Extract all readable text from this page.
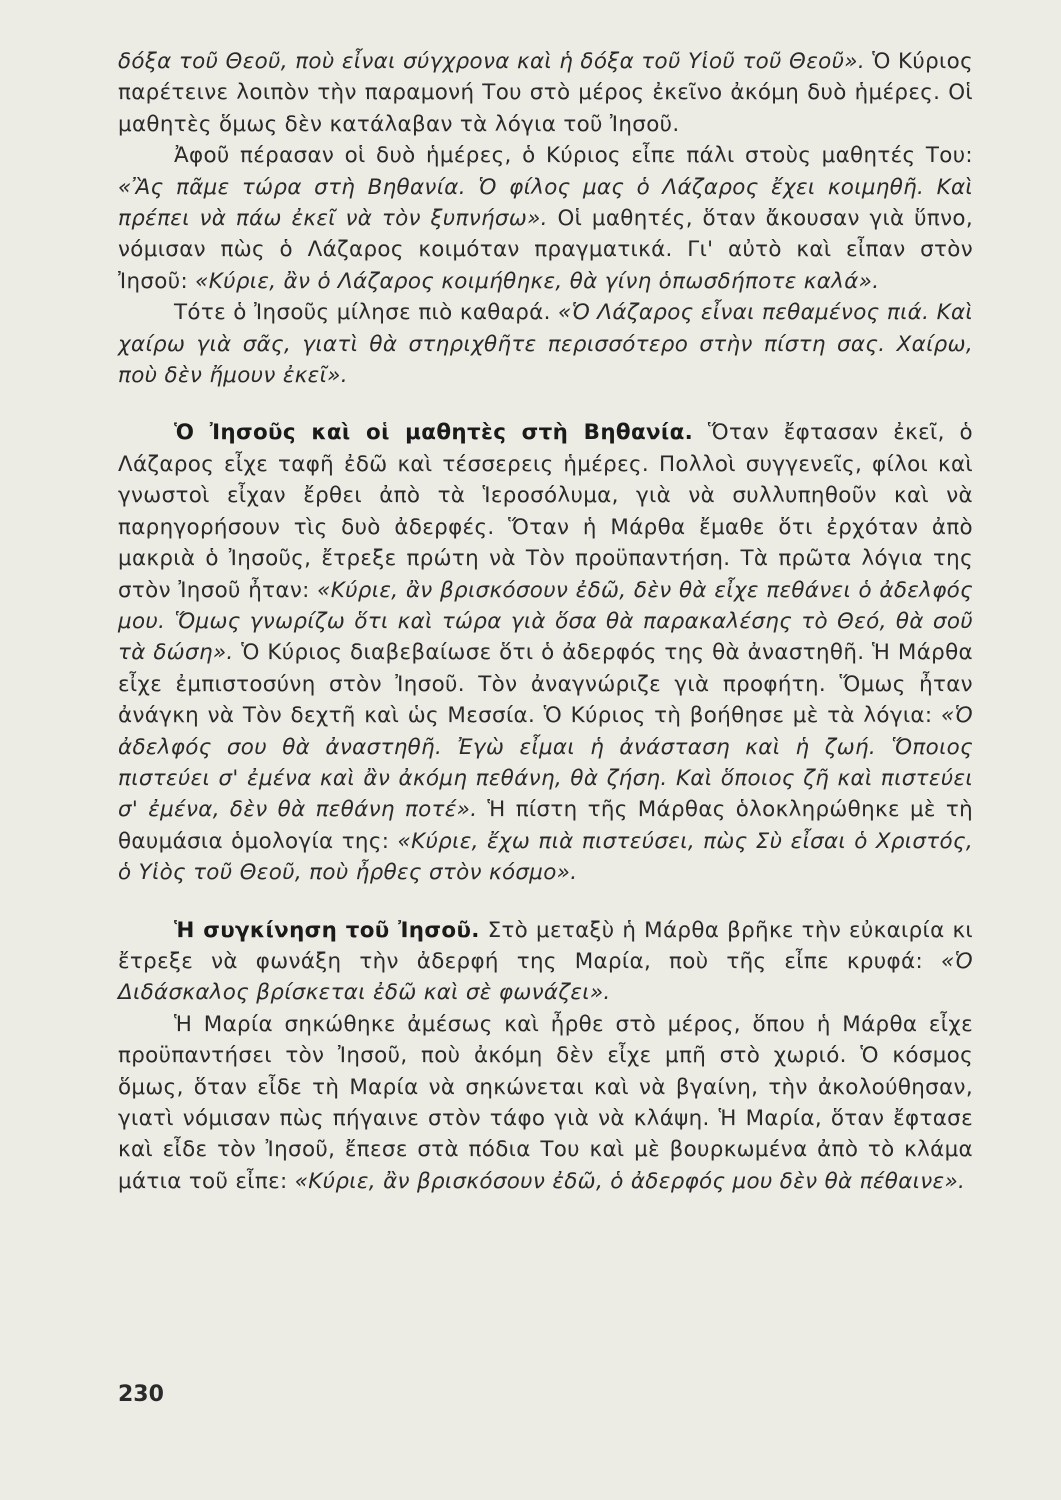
δόξα τοῦ Θεοῦ, ποὺ εἶναι σύγχρονα καὶ ἡ δόξα τοῦ Υἱοῦ τοῦ Θεοῦ». Ὁ Κύριος παρέτεινε λοιπὸν τὴν παραμονή Του στὸ μέρος ἐκεῖνο ἀκόμη δυὸ ἡμέρες. Οἱ μαθητὲς ὅμως δὲν κατάλαβαν τὰ λόγια τοῦ Ἰησοῦ.

Ἀφοῦ πέρασαν οἱ δυὸ ἡμέρες, ὁ Κύριος εἶπε πάλι στοὺς μαθητές Του: «Ἂς πᾶμε τώρα στὴ Βηθανία. Ὁ φίλος μας ὁ Λάζαρος ἔχει κοιμηθῆ. Καὶ πρέπει νὰ πάω ἐκεῖ νὰ τὸν ξυπνήσω». Οἱ μαθητές, ὅταν ἄκουσαν γιὰ ὕπνο, νόμισαν πὼς ὁ Λάζαρος κοιμόταν πραγματικά. Γι' αὐτὸ καὶ εἶπαν στὸν Ἰησοῦ: «Κύριε, ἂν ὁ Λάζαρος κοιμήθηκε, θὰ γίνη ὁπωσδήποτε καλά».

Τότε ὁ Ἰησοῦς μίλησε πιὸ καθαρά. «Ὁ Λάζαρος εἶναι πεθαμένος πιά. Καὶ χαίρω γιὰ σᾶς, γιατὶ θὰ στηριχθῆτε περισσότερο στὴν πίστη σας. Χαίρω, ποὺ δὲν ἤμουν ἐκεῖ».

Ὁ Ἰησοῦς καὶ οἱ μαθητὲς στὴ Βηθανία. Ὅταν ἔφτασαν ἐκεῖ, ὁ Λάζαρος εἶχε ταφῆ ἐδῶ καὶ τέσσερεις ἡμέρες. Πολλοὶ συγγενεῖς, φίλοι καὶ γνωστοὶ εἶχαν ἔρθει ἀπὸ τὰ Ἱεροσόλυμα, γιὰ νὰ συλλυπηθοῦν καὶ νὰ παρηγορήσουν τὶς δυὸ ἀδερφές. Ὅταν ἡ Μάρθα ἔμαθε ὅτι ἐρχόταν ἀπὸ μακριὰ ὁ Ἰησοῦς, ἔτρεξε πρώτη νὰ Τὸν προϋπαντήση. Τὰ πρῶτα λόγια της στὸν Ἰησοῦ ἦταν: «Κύριε, ἂν βρισκόσουν ἐδῶ, δὲν θὰ εἶχε πεθάνει ὁ ἀδελφός μου. Ὅμως γνωρίζω ὅτι καὶ τώρα γιὰ ὅσα θὰ παρακαλέσης τὸ Θεό, θὰ σοῦ τὰ δώση». Ὁ Κύριος διαβεβαίωσε ὅτι ὁ ἀδερφός της θὰ ἀναστηθῆ. Ἡ Μάρθα εἶχε ἐμπιστοσύνη στὸν Ἰησοῦ. Τὸν ἀναγνώριζε γιὰ προφήτη. Ὅμως ἦταν ἀνάγκη νὰ Τὸν δεχτῆ καὶ ὡς Μεσσία. Ὁ Κύριος τὴ βοήθησε μὲ τὰ λόγια: «Ὁ ἀδελφός σου θὰ ἀναστηθῆ. Ἐγὼ εἶμαι ἡ ἀνάσταση καὶ ἡ ζωή. Ὅποιος πιστεύει σ' ἐμένα καὶ ἂν ἀκόμη πεθάνη, θὰ ζήση. Καὶ ὅποιος ζῆ καὶ πιστεύει σ' ἐμένα, δὲν θὰ πεθάνη ποτέ». Ἡ πίστη τῆς Μάρθας ὁλοκληρώθηκε μὲ τὴ θαυμάσια ὁμολογία της: «Κύριε, ἔχω πιὰ πιστεύσει, πὼς Σὺ εἶσαι ὁ Χριστός, ὁ Υἱὸς τοῦ Θεοῦ, ποὺ ἦρθες στὸν κόσμο».

Ἡ συγκίνηση τοῦ Ἰησοῦ. Στὸ μεταξὺ ἡ Μάρθα βρῆκε τὴν εὐκαιρία κι ἔτρεξε νὰ φωνάξη τὴν ἀδερφή της Μαρία, ποὺ τῆς εἶπε κρυφά: «Ὁ Διδάσκαλος βρίσκεται ἐδῶ καὶ σὲ φωνάζει».

Ἡ Μαρία σηκώθηκε ἀμέσως καὶ ἦρθε στὸ μέρος, ὅπου ἡ Μάρθα εἶχε προϋπαντήσει τὸν Ἰησοῦ, ποὺ ἀκόμη δὲν εἶχε μπῆ στὸ χωριό. Ὁ κόσμος ὅμως, ὅταν εἶδε τὴ Μαρία νὰ σηκώνεται καὶ νὰ βγαίνη, τὴν ἀκολούθησαν, γιατὶ νόμισαν πὼς πήγαινε στὸν τάφο γιὰ νὰ κλάψη. Ἡ Μαρία, ὅταν ἔφτασε καὶ εἶδε τὸν Ἰησοῦ, ἔπεσε στὰ πόδια Του καὶ μὲ βουρκωμένα ἀπὸ τὸ κλάμα μάτια τοῦ εἶπε: «Κύριε, ἂν βρισκόσουν ἐδῶ, ὁ ἀδερφός μου δὲν θὰ πέθαινε».

230
